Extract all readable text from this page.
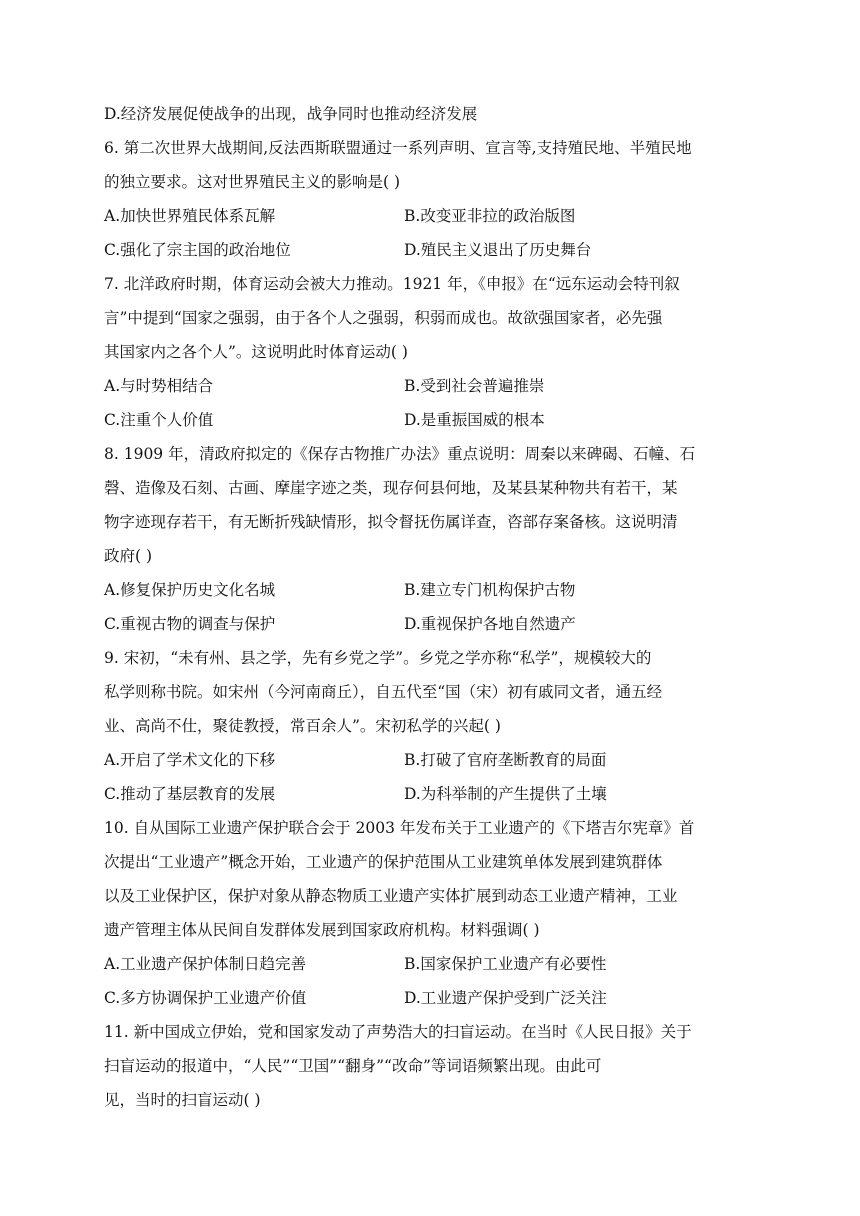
D.经济发展促使战争的出现，战争同时也推动经济发展
6. 第二次世界大战期间,反法西斯联盟通过一系列声明、宣言等,支持殖民地、半殖民地
的独立要求。这对世界殖民主义的影响是( )
A.加快世界殖民体系瓦解	B.改变亚非拉的政治版图
C.强化了宗主国的政治地位	D.殖民主义退出了历史舞台
7. 北洋政府时期，体育运动会被大力推动。1921 年，《申报》在“远东运动会特刊叙
言”中提到“国家之强弱，由于各个人之强弱，积弱而成也。故欲强国家者，必先强
其国家内之各个人”。这说明此时体育运动( )
A.与时势相结合	B.受到社会普遍推崇
C.注重个人价值	D.是重振国威的根本
8. 1909 年，清政府拟定的《保存古物推广办法》重点说明：周秦以来碑碣、石幢、石
磬、造像及石刻、古画、摩崖字迹之类，现存何县何地，及某县某种物共有若干，某
物字迹现存若干，有无断折残缺情形，拟令督抚伤属详查，咨部存案备核。这说明清
政府( )
A.修复保护历史文化名城	B.建立专门机构保护古物
C.重视古物的调查与保护	D.重视保护各地自然遗产
9. 宋初，“未有州、县之学，先有乡党之学”。乡党之学亦称“私学”，规模较大的
私学则称书院。如宋州（今河南商丘），自五代至“国（宋）初有戚同文者，通五经
业、高尚不仕，聚徒教授，常百余人”。宋初私学的兴起( )
A.开启了学术文化的下移	B.打破了官府垄断教育的局面
C.推动了基层教育的发展	D.为科举制的产生提供了土壤
10. 自从国际工业遗产保护联合会于 2003 年发布关于工业遗产的《下塔吉尔宪章》首
次提出“工业遗产”概念开始，工业遗产的保护范围从工业建筑单体发展到建筑群体
以及工业保护区，保护对象从静态物质工业遗产实体扩展到动态工业遗产精神，工业
遗产管理主体从民间自发群体发展到国家政府机构。材料强调( )
A.工业遗产保护体制日趋完善	B.国家保护工业遗产有必要性
C.多方协调保护工业遗产价值	D.工业遗产保护受到广泛关注
11. 新中国成立伊始，党和国家发动了声势浩大的扫盲运动。在当时《人民日报》关于
扫盲运动的报道中，“人民”“卫国”“翻身”“改命”等词语频繁出现。由此可
见，当时的扫盲运动( )
